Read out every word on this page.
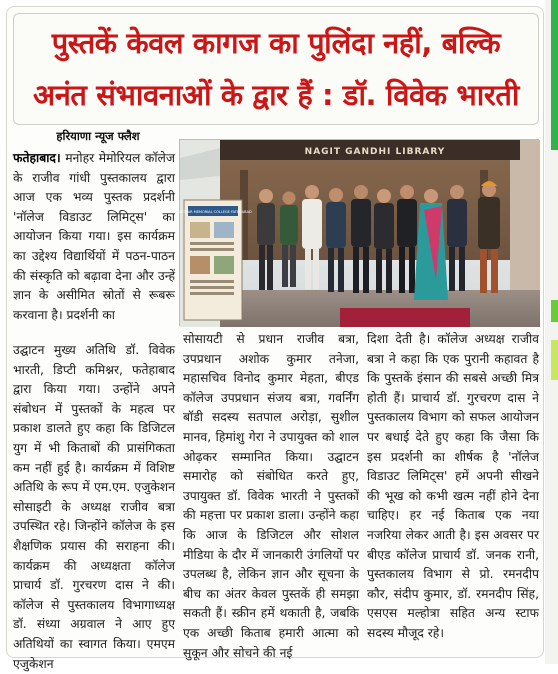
पुस्तकें केवल कागज का पुलिंदा नहीं, बल्कि
अनंत संभावनाओं के द्वार हैं : डॉ. विवेक भारती
हरियाणा न्यूज फ्लैश
फतेहाबाद। मनोहर मेमोरियल कॉलेज के राजीव गांधी पुस्तकालय द्वारा आज एक भव्य पुस्तक प्रदर्शनी 'नॉलेज विडाउट लिमिट्स' का आयोजन किया गया। इस कार्यक्रम का उद्देश्य विद्यार्थियों में पठन-पाठन की संस्कृति को बढ़ावा देना और उन्हें ज्ञान के असीमित स्रोतों से रूबरू करवाना है। प्रदर्शनी का
उद्घाटन मुख्य अतिथि डॉ. विवेक भारती, डिप्टी कमिश्नर, फतेहाबाद द्वारा किया गया। उन्होंने अपने संबोधन में पुस्तकों के महत्व पर प्रकाश डालते हुए कहा कि डिजिटल युग में भी किताबों की प्रासंगिकता कम नहीं हुई है। कार्यक्रम में विशिष्ट अतिथि के रूप में एम.एम. एजुकेशन सोसाइटी के अध्यक्ष राजीव बत्रा उपस्थित रहे। जिन्होंने कॉलेज के इस शैक्षणिक प्रयास की सराहना की। कार्यक्रम की अध्यक्षता कॉलेज प्राचार्य डॉ. गुरचरण दास ने की। कॉलेज से पुस्तकालय विभागाध्यक्ष डॉ. संध्या अग्रवाल ने आए हुए अतिथियों का स्वागत किया। एमएम एजुकेशन
NAGIT GANDHI LIBRARY
MANOHAR MEMORIAL COLLEGE FATEHABAD
सोसायटी से प्रधान राजीव बत्रा, उपप्रधान अशोक कुमार तनेजा, महासचिव विनोद कुमार मेहता, बीएड कॉलेज उपप्रधान संजय बत्रा, गवर्निंग बॉडी सदस्य सतपाल अरोड़ा, सुशील मानव, हिमांशु गेरा ने उपायुक्त को शाल ओढ़कर सम्मानित किया। उद्घाटन समारोह को संबोधित करते हुए, उपायुक्त डॉ. विवेक भारती ने पुस्तकों की महत्ता पर प्रकाश डाला। उन्होंने कहा कि आज के डिजिटल और सोशल मीडिया के दौर में जानकारी उंगलियों पर उपलब्ध है, लेकिन ज्ञान और सूचना के बीच का अंतर केवल पुस्तकें ही समझा सकती हैं। स्क्रीन हमें थकाती है, जबकि एक अच्छी किताब हमारी आत्मा को सुकून और सोचने की नई
दिशा देती है। कॉलेज अध्यक्ष राजीव बत्रा ने कहा कि एक पुरानी कहावत है कि पुस्तकें इंसान की सबसे अच्छी मित्र होती हैं। प्राचार्य डॉ. गुरचरण दास ने पुस्तकालय विभाग को सफल आयोजन पर बधाई देते हुए कहा कि जैसा कि इस प्रदर्शनी का शीर्षक है 'नॉलेज विडाउट लिमिट्स' हमें अपनी सीखने की भूख को कभी खत्म नहीं होने देना चाहिए। हर नई किताब एक नया नजरिया लेकर आती है। इस अवसर पर बीएड कॉलेज प्राचार्य डॉ. जनक रानी, पुस्तकालय विभाग से प्रो. रमनदीप कौर, संदीप कुमार, डॉ. रमनदीप सिंह, एसएस मल्होत्रा सहित अन्य स्टाफ सदस्य मौजूद रहे।
